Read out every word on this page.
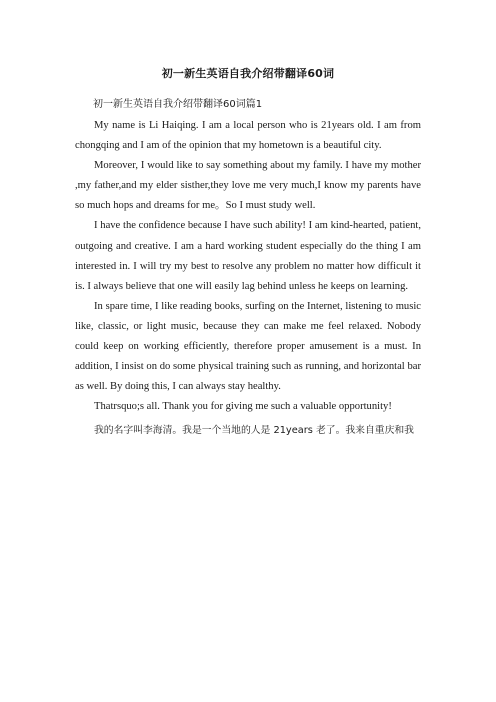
初一新生英语自我介绍带翻译60词
初一新生英语自我介绍带翻译60词篇1

My name is Li Haiqing. I am a local person who is 21years old. I am from chongqing and I am of the opinion that my hometown is a beautiful city.

Moreover, I would like to say something about my family. I have my mother ,my father,and my elder sisther,they love me very much,I know my parents have so much hops and dreams for me。So I must study well.

I have the confidence because I have such ability! I am kind-hearted, patient, outgoing and creative. I am a hard working student especially do the thing I am interested in. I will try my best to resolve any problem no matter how difficult it is. I always believe that one will easily lag behind unless he keeps on learning.

In spare time, I like reading books, surfing on the Internet, listening to music like, classic, or light music, because they can make me feel relaxed. Nobody could keep on working efficiently, therefore proper amusement is a must. In addition, I insist on do some physical training such as running, and horizontal bar as well. By doing this, I can always stay healthy.

Thatrsquo;s all. Thank you for giving me such a valuable opportunity!

我的名字叫李海清。我是一个当地的人是 21years 老了。我来自重庆和我
